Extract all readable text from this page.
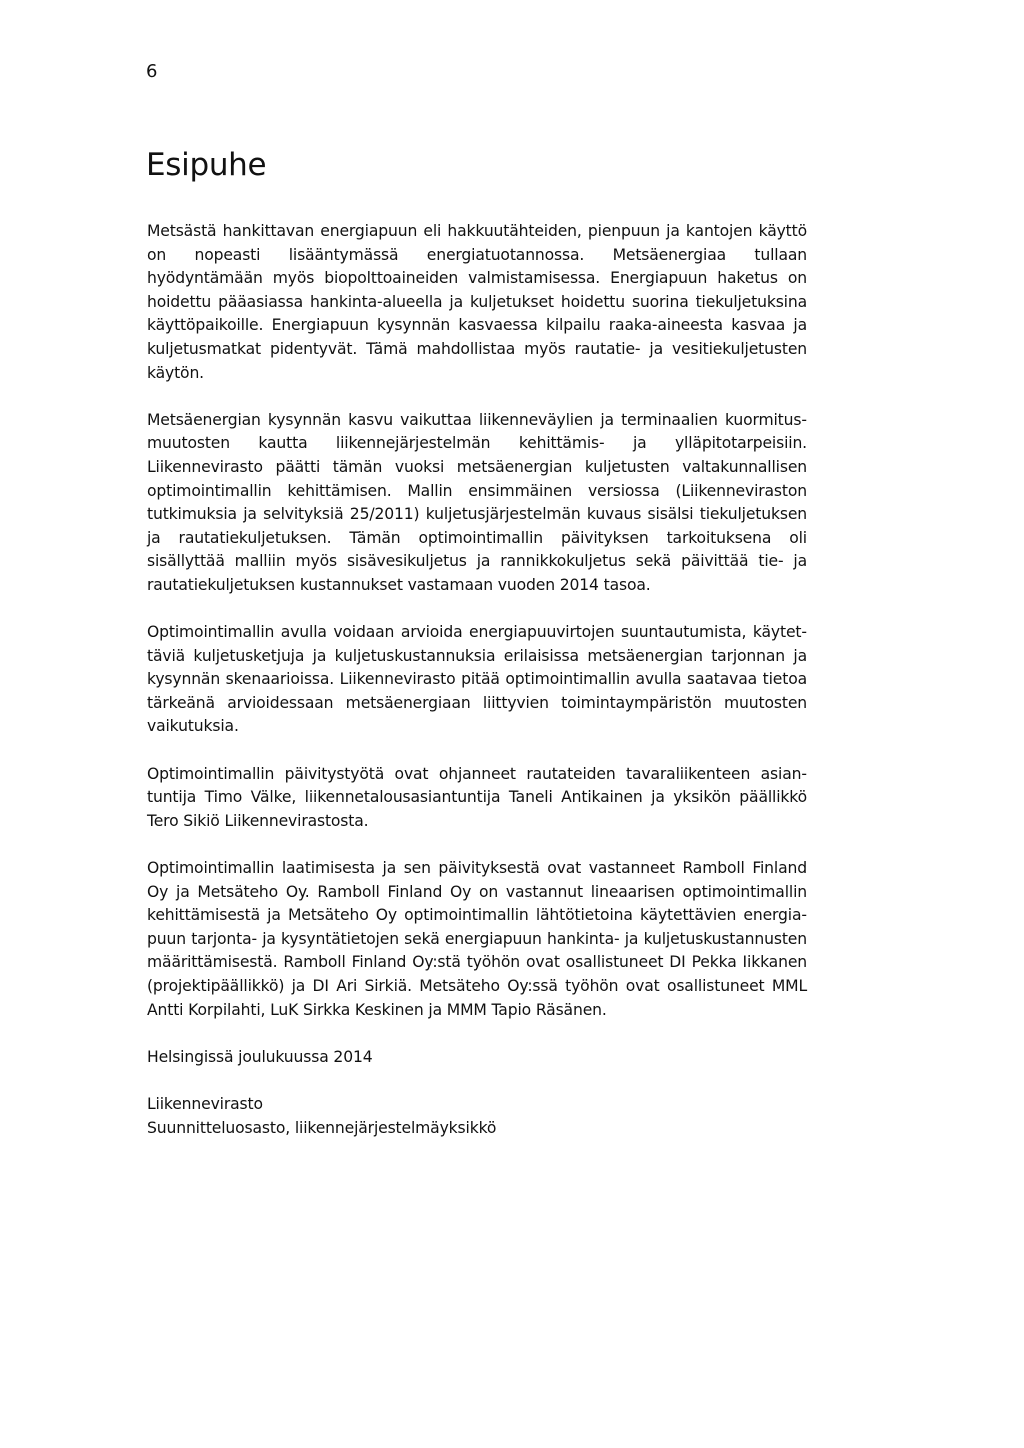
6
Esipuhe

Metsästä hankittavan energiapuun eli hakkuutähteiden, pienpuun ja kantojen käyttö on nopeasti lisääntymässä energiatuotannossa. Metsäenergiaa tullaan hyödyntämään myös biopolttoaineiden valmistamisessa. Energiapuun haketus on hoidettu pääasiassa hankinta-alueella ja kuljetukset hoidettu suorina tiekuljetuksina käyttöpaikoille. Energiapuun kysynnän kasvaessa kilpailu raaka-aineesta kasvaa ja kuljetusmatkat pidentyvät. Tämä mahdollistaa myös rautatie- ja vesitiekuljetusten käytön.

Metsäenergian kysynnän kasvu vaikuttaa liikenneväylien ja terminaalien kuormitusmuutosten kautta liikennejärjestelmän kehittämis- ja ylläpitotarpeisiin. Liikennevirasto päätti tämän vuoksi metsäenergian kuljetusten valtakunnallisen optimointimallin kehittämisen. Mallin ensimmäinen versiossa (Liikenneviraston tutkimuksia ja selvityksiä 25/2011) kuljetusjärjestelmän kuvaus sisälsi tiekuljetuksen ja rautatiekuljetuksen. Tämän optimointimallin päivityksen tarkoituksena oli sisällyttää malliin myös sisävesikuljetus ja rannikkokuljetus sekä päivittää tie- ja rautatiekuljetuksen kustannukset vastamaan vuoden 2014 tasoa.

Optimointimallin avulla voidaan arvioida energiapuuvirtojen suuntautumista, käytettäviä kuljetusketjuja ja kuljetuskustannuksia erilaisissa metsäenergian tarjonnan ja kysynnän skenaarioissa. Liikennevirasto pitää optimointimallin avulla saatavaa tietoa tärkeänä arvioidessaan metsäenergiaan liittyvien toimintaympäristön muutosten vaikutuksia.

Optimointimallin päivitystyötä ovat ohjanneet rautateiden tavaraliikenteen asiantuntija Timo Välke, liikennetalousasiantuntija Taneli Antikainen ja yksikön päällikkö Tero Sikiö Liikennevirastosta.

Optimointimallin laatimisesta ja sen päivityksestä ovat vastanneet Ramboll Finland Oy ja Metsäteho Oy. Ramboll Finland Oy on vastannut lineaarisen optimointimallin kehittämisestä ja Metsäteho Oy optimointimallin lähtötietoina käytettävien energiapuun tarjonta- ja kysyntätietojen sekä energiapuun hankinta- ja kuljetuskustannusten määrittämisestä. Ramboll Finland Oy:stä työhön ovat osallistuneet DI Pekka Iikkanen (projektipäällikkö) ja DI Ari Sirkiä. Metsäteho Oy:ssä työhön ovat osallistuneet MML Antti Korpilahti, LuK Sirkka Keskinen ja MMM Tapio Räsänen.

Helsingissä joulukuussa 2014

Liikennevirasto
Suunnitteluosasto, liikennejärjestelmäyksikkö
